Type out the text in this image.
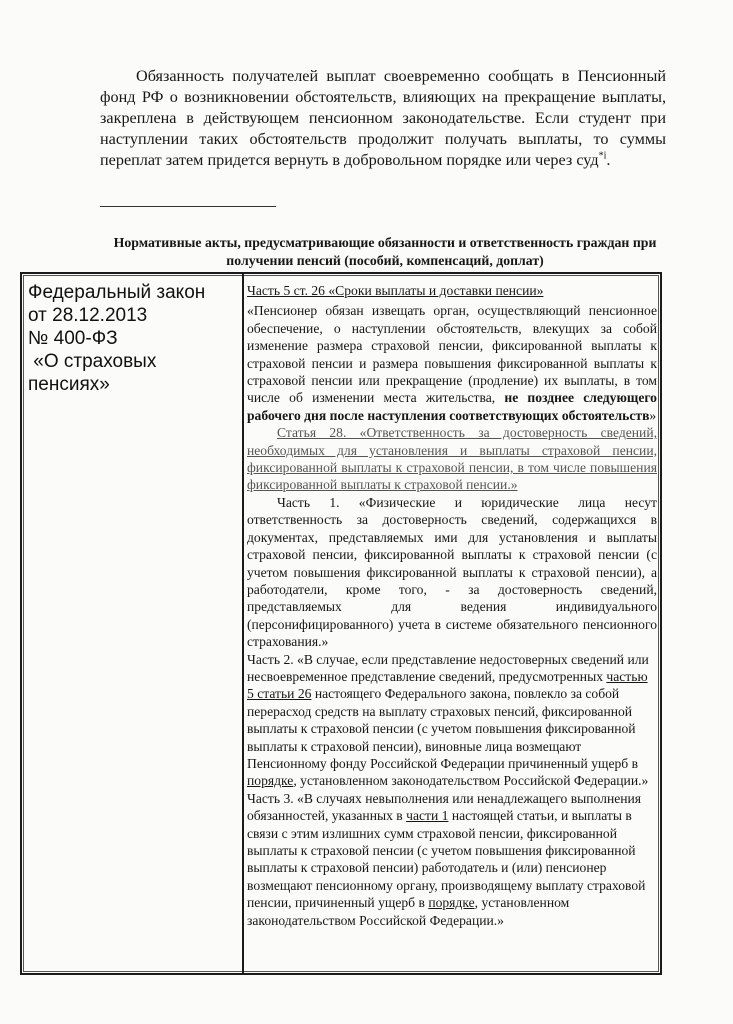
Обязанность получателей выплат своевременно сообщать в Пенсионный фонд РФ о возникновении обстоятельств, влияющих на прекращение выплаты, закреплена в действующем пенсионном законодательстве. Если студент при наступлении таких обстоятельств продолжит получать выплаты, то суммы переплат затем придется вернуть в добровольном порядке или через суд$^{*i}$.

Нормативные акты, предусматривающие обязанности и ответственность граждан при получении пенсий (пособий, компенсаций, доплат)

Федеральный закон
от 28.12.2013
№ 400-ФЗ
«О страховых
пенсиях»

Часть 5 ст. 26 «Сроки выплаты и доставки пенсии»

«Пенсионер обязан извещать орган, осуществляющий пенсионное обеспечение, о наступлении обстоятельств, влекущих за собой изменение размера страховой пенсии, фиксированной выплаты к страховой пенсии и размера повышения фиксированной выплаты к страховой пенсии или прекращение (продление) их выплаты, в том числе об изменении места жительства, не позднее следующего рабочего дня после наступления соответствующих обстоятельств»

Статья 28. «Ответственность за достоверность сведений, необходимых для установления и выплаты страховой пенсии, фиксированной выплаты к страховой пенсии, в том числе повышения фиксированной выплаты к страховой пенсии.»

Часть 1. «Физические и юридические лица несут ответственность за достоверность сведений, содержащихся в документах, представляемых ими для установления и выплаты страховой пенсии, фиксированной выплаты к страховой пенсии (с учетом повышения фиксированной выплаты к страховой пенсии), а работодатели, кроме того, - за достоверность сведений, представляемых для ведения индивидуального (персонифицированного) учета в системе обязательного пенсионного страхования.»

Часть 2. «В случае, если представление недостоверных сведений или несвоевременное представление сведений, предусмотренных частью 5 статьи 26 настоящего Федерального закона, повлекло за собой перерасход средств на выплату страховых пенсий, фиксированной выплаты к страховой пенсии (с учетом повышения фиксированной выплаты к страховой пенсии), виновные лица возмещают Пенсионному фонду Российской Федерации причиненный ущерб в порядке, установленном законодательством Российской Федерации.»

Часть 3. «В случаях невыполнения или ненадлежащего выполнения обязанностей, указанных в части 1 настоящей статьи, и выплаты в связи с этим излишних сумм страховой пенсии, фиксированной выплаты к страховой пенсии (с учетом повышения фиксированной выплаты к страховой пенсии) работодатель и (или) пенсионер возмещают пенсионному органу, производящему выплату страховой пенсии, причиненный ущерб в порядке, установленном законодательством Российской Федерации.»
